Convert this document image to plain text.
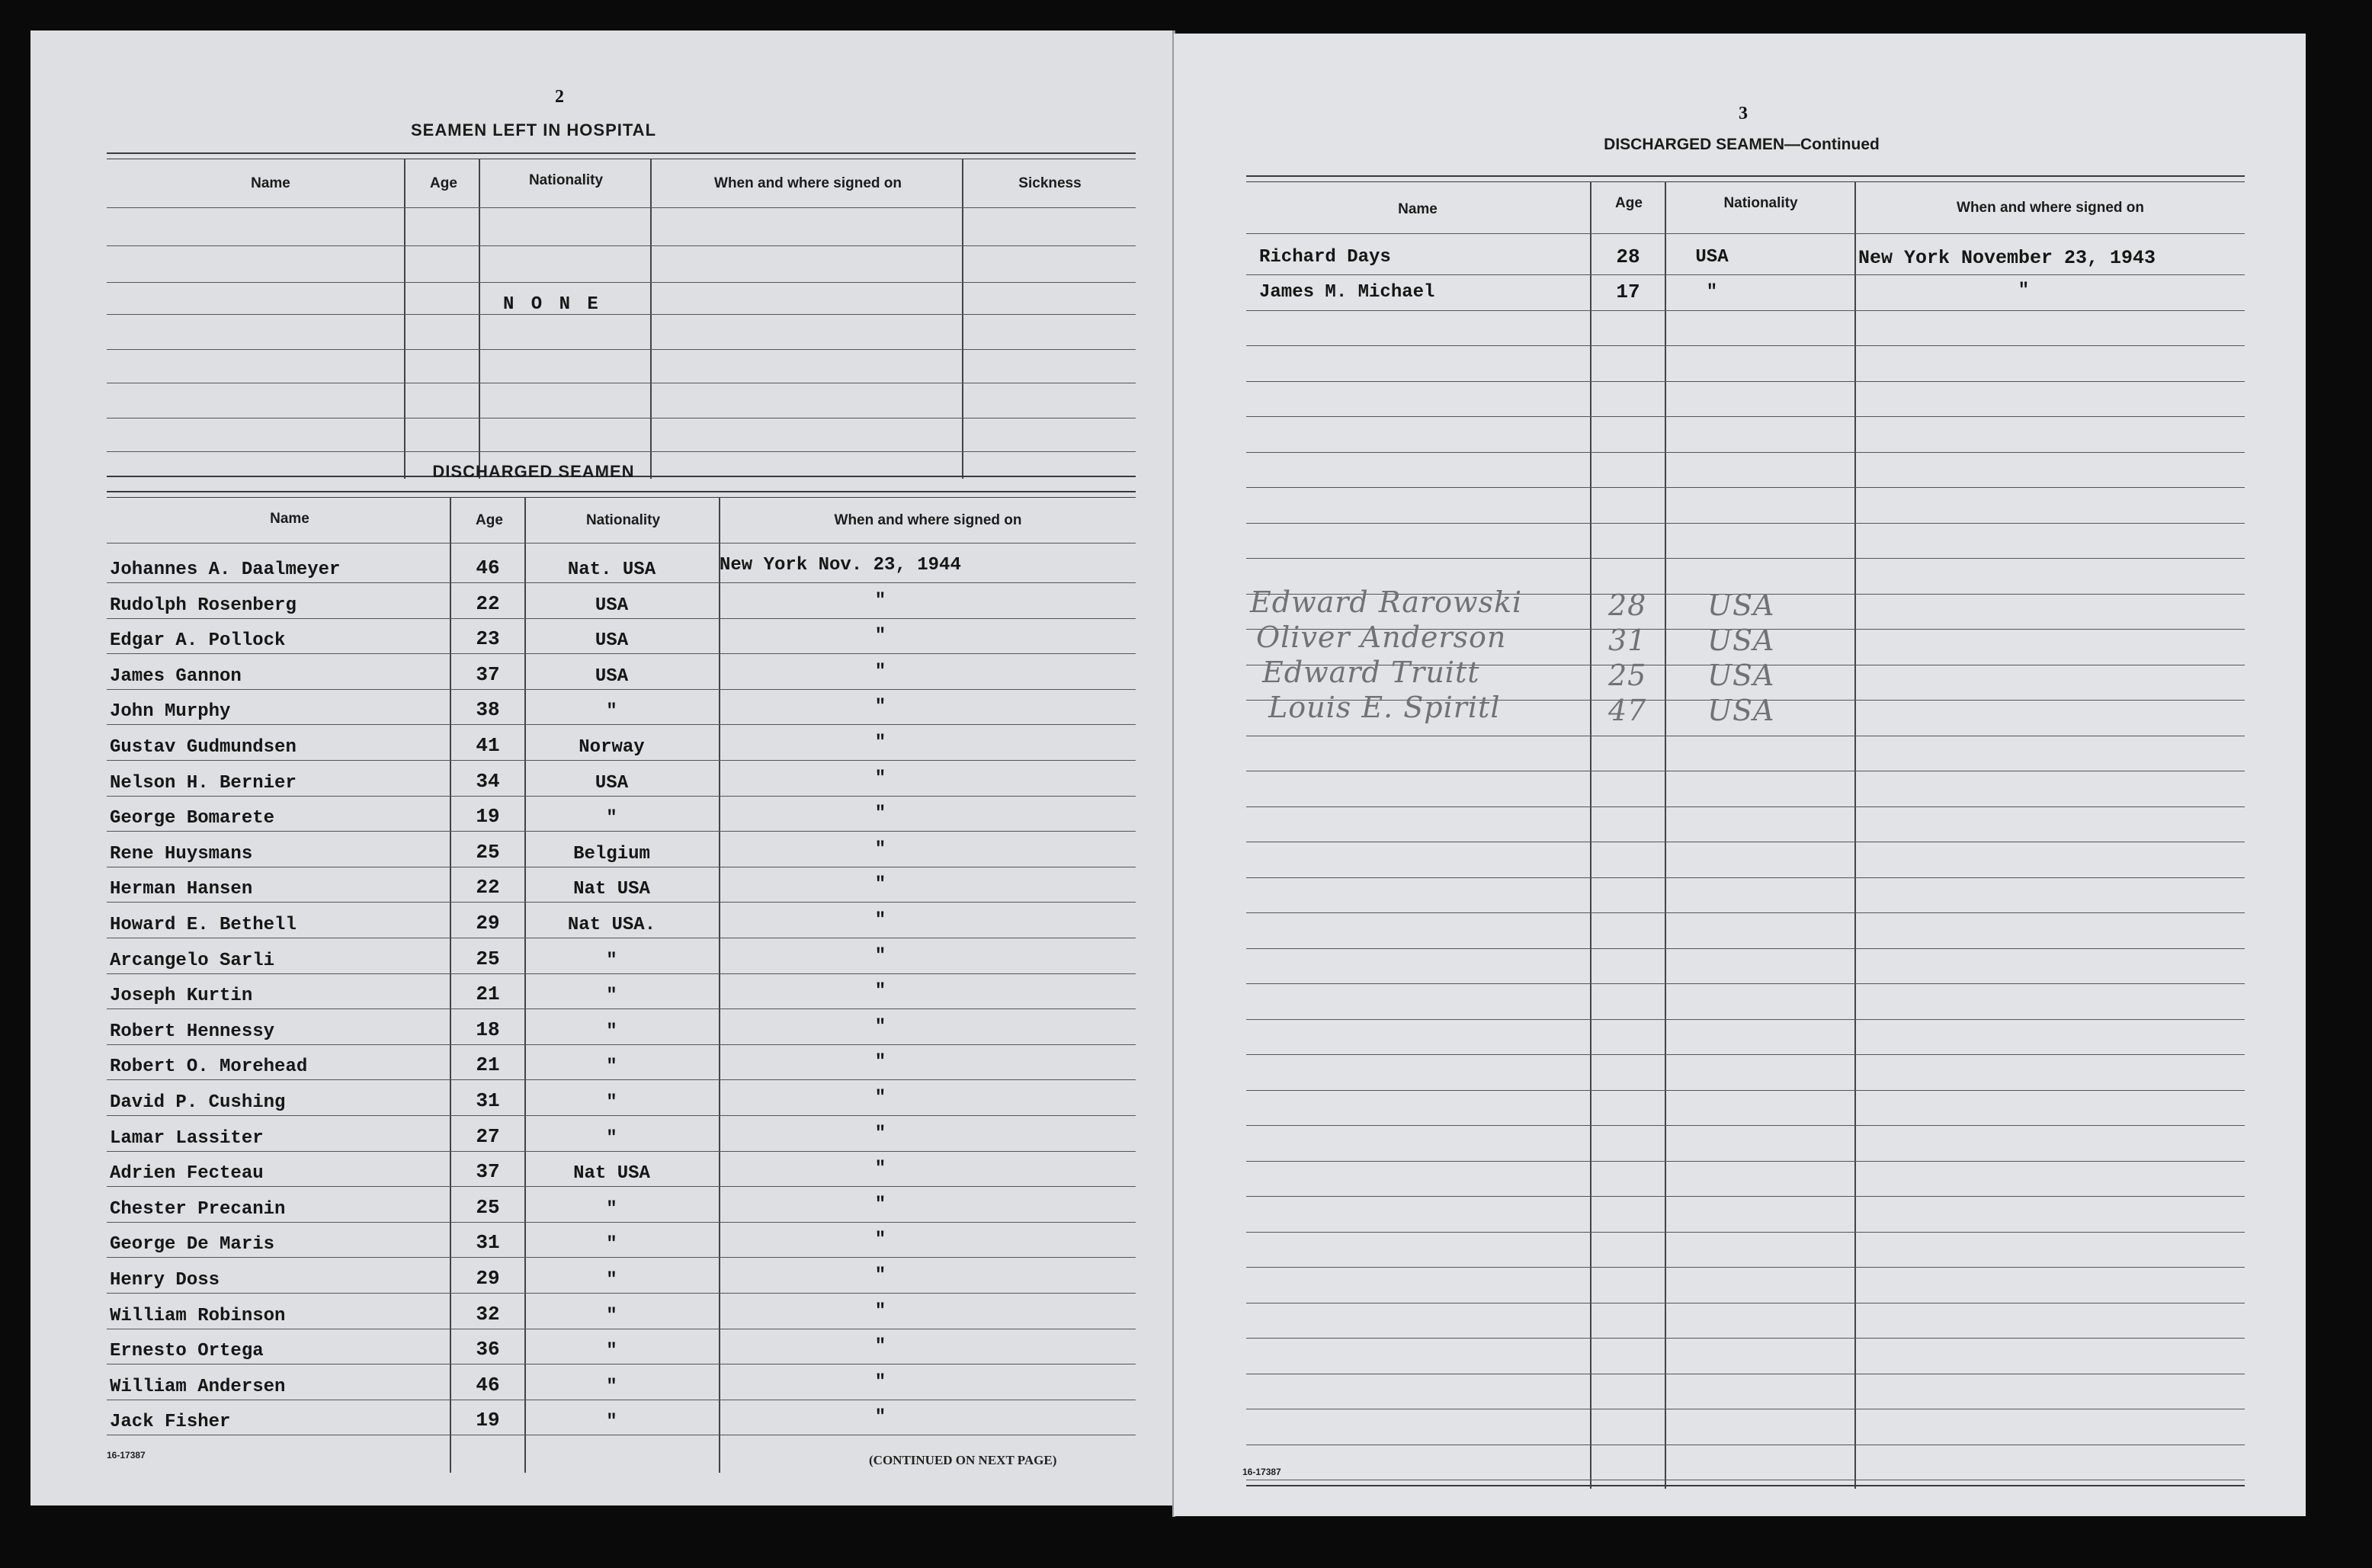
2
SEAMEN LEFT IN HOSPITAL
Name	Age	Nationality	When and where signed on	Sickness
N O N E
DISCHARGED SEAMEN
Name	Age	Nationality	When and where signed on
Johannes A. Daalmeyer	46	Nat. USA	New York Nov. 23, 1944
Rudolph Rosenberg	22	USA	"
Edgar A. Pollock	23	USA	"
James Gannon	37	USA	"
John Murphy	38	"	"
Gustav Gudmundsen	41	Norway	"
Nelson H. Bernier	34	USA	"
George Bomarete	19	"	"
Rene Huysmans	25	Belgium	"
Herman Hansen	22	Nat USA	"
Howard E. Bethell	29	Nat USA.	"
Arcangelo Sarli	25	"	"
Joseph Kurtin	21	"	"
Robert Hennessy	18	"	"
Robert O. Morehead	21	"	"
David P. Cushing	31	"	"
Lamar Lassiter	27	"	"
Adrien Fecteau	37	Nat USA	"
Chester Precanin	25	"	"
George De Maris	31	"	"
Henry Doss	29	"	"
William Robinson	32	"	"
Ernesto Ortega	36	"	"
William Andersen	46	"	"
Jack Fisher	19	"	"
16-17387	(CONTINUED ON NEXT PAGE)
3
DISCHARGED SEAMEN—Continued
Name	Age	Nationality	When and where signed on
Richard Days	28	USA	New York November 23, 1943
James M. Michael	17	"	"
Edward Rarowski	28 USA
Oliver Anderson	31 USA
Edward Truitt	25 USA
Louis E. Spiritl	47 USA
16-17387
